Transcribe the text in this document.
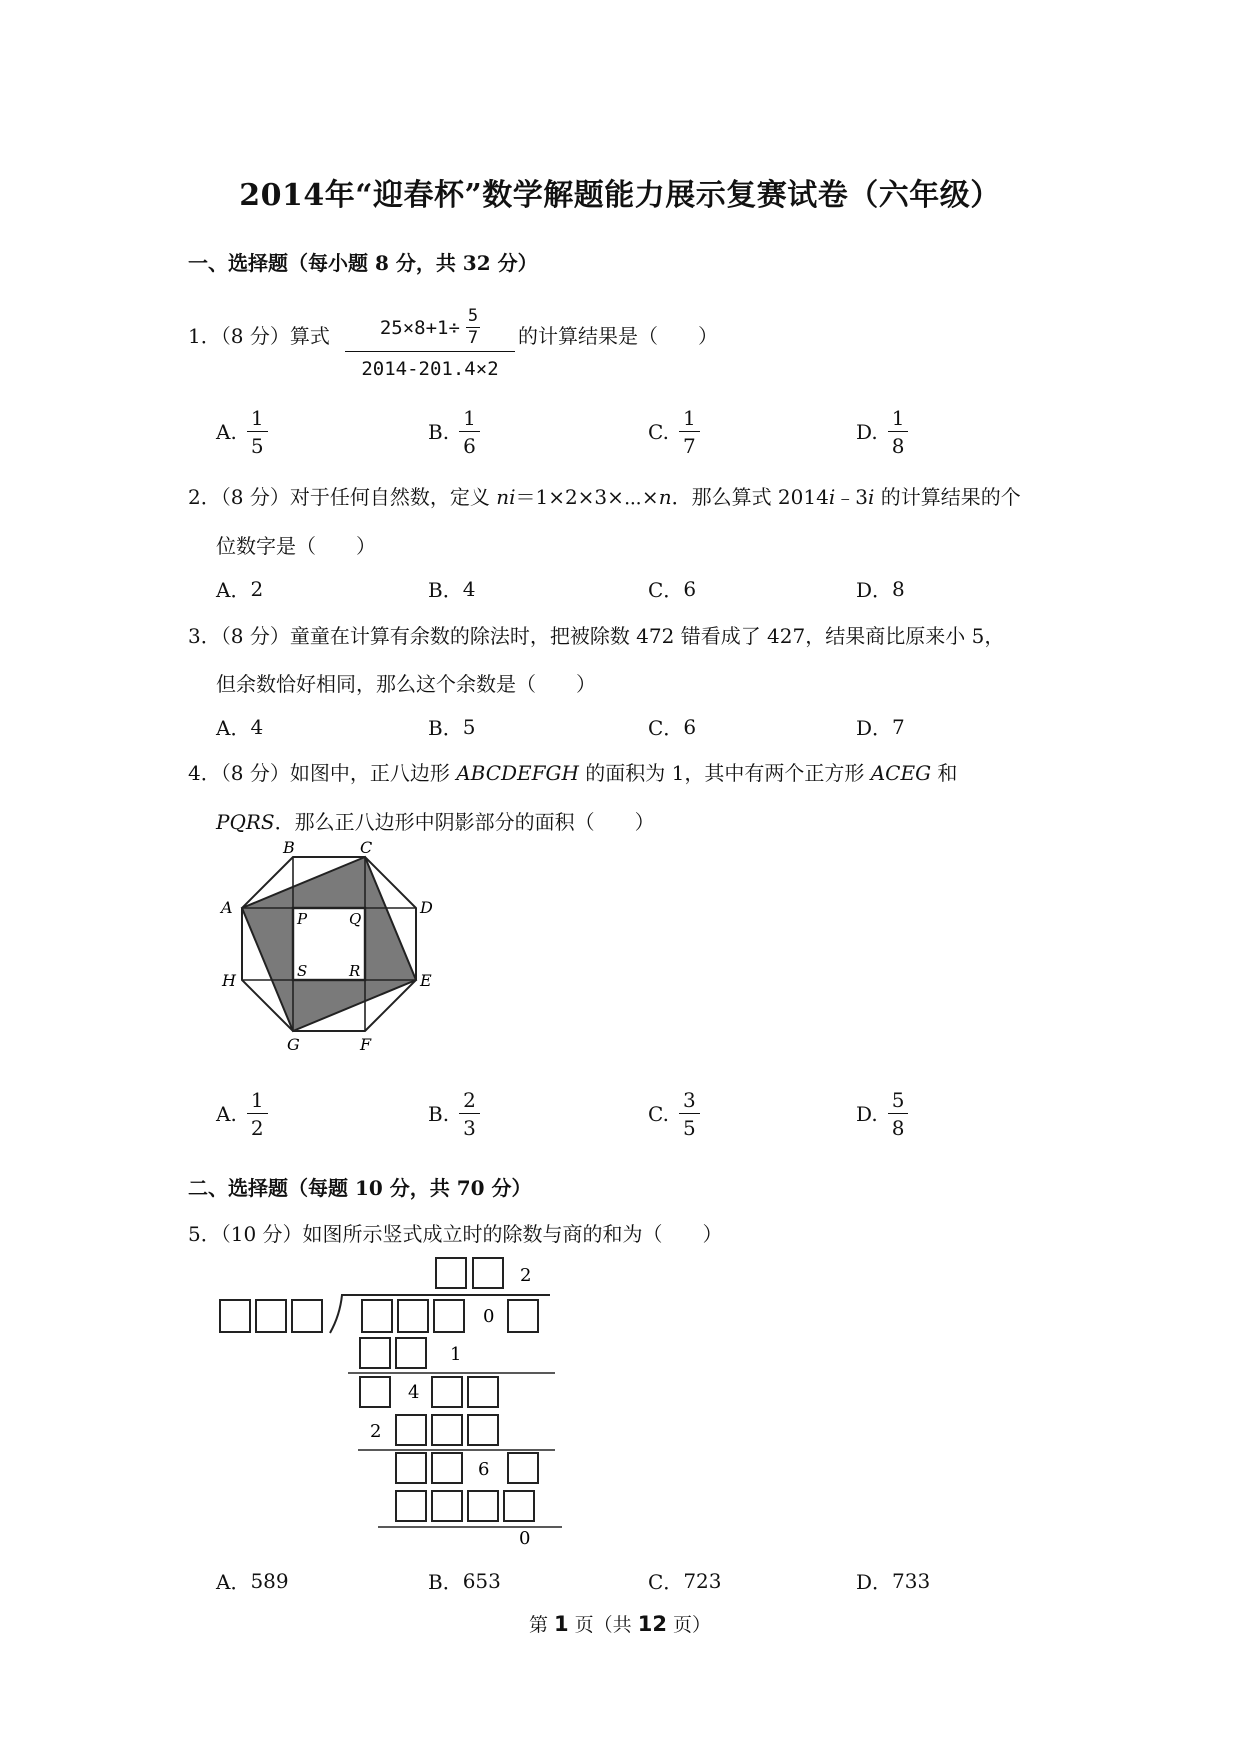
2014年“迎春杯”数学解题能力展示复赛试卷（六年级）
一、选择题（每小题 8 分，共 32 分）
1．（8 分）算式	$25\times 8+1\div \frac{5}{7}$
2014-201.4×2
的计算结果是（　　）
A. $\frac{1}{5}$	B. $\frac{1}{6}$	C. $\frac{1}{7}$	D. $\frac{1}{8}$
2．（8 分）对于任何自然数，定义 ni＝1×2×3×⋯×n．那么算式 2014i﹣3i 的计算结果的个
位数字是（　　）
A． 2	B． 4	C． 6	D． 8
3．（8 分）童童在计算有余数的除法时，把被除数 472 错看成了 427，结果商比原来小 5，
但余数恰好相同，那么这个余数是（　　）
A． 4	B． 5	C． 6	D． 7
4．（8 分）如图中，正八边形 ABCDEFGH 的面积为 1，其中有两个正方形 ACEG 和
PQRS．那么正八边形中阴影部分的面积（　　）
B	C
A	D
H	E
G	F
P	Q
S	R
A. $\frac{1}{2}$	B. $\frac{2}{3}$	C. $\frac{3}{5}$	D. $\frac{5}{8}$
二、选择题（每题 10 分，共 70 分）
5．（10 分）如图所示竖式成立时的除数与商的和为（　　）
2
0
1
4
2
6
0
A． 589	B． 653	C． 723	D． 733
第 1 页（共 12 页）
